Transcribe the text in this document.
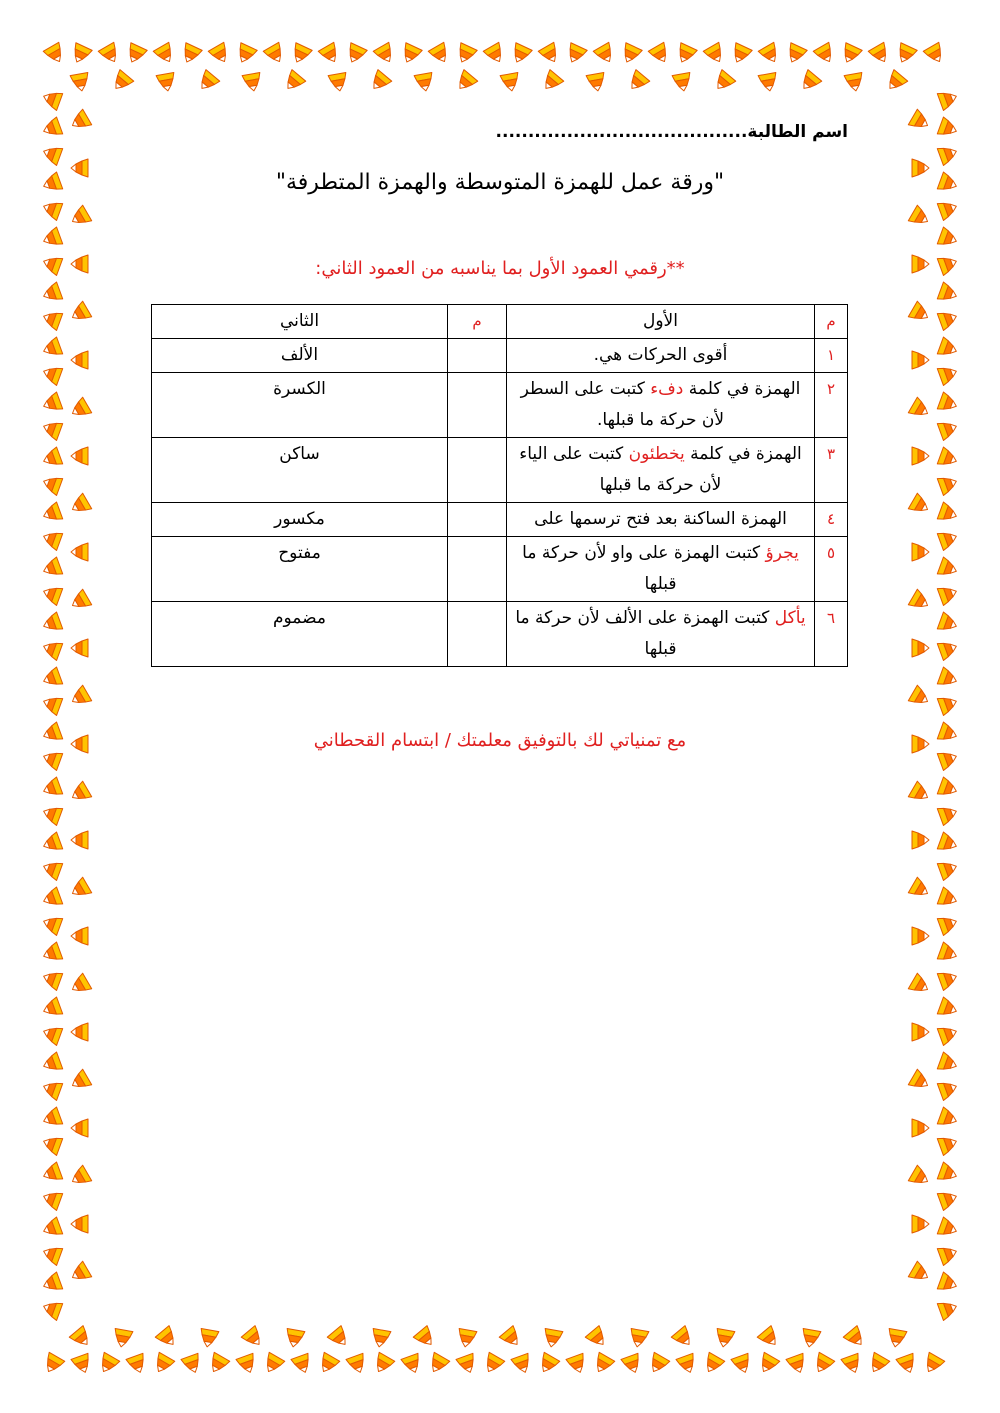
اسم الطالبة.......................................
"ورقة عمل للهمزة المتوسطة والهمزة المتطرفة"
**رقمي العمود الأول بما يناسبه من العمود الثاني:
م	الأول	م	الثاني
١	أقوى الحركات هي.		الألف
٢	الهمزة في كلمة دفء كتبت على السطر لأن حركة ما قبلها.		الكسرة
٣	الهمزة في كلمة يخطئون كتبت على الياء لأن حركة ما قبلها		ساكن
٤	الهمزة الساكنة بعد فتح ترسمها على		مكسور
٥	يجرؤ كتبت الهمزة على واو لأن حركة ما قبلها		مفتوح
٦	يأكل كتبت الهمزة على الألف لأن حركة ما قبلها		مضموم
مع تمنياتي لك بالتوفيق معلمتك / ابتسام القحطاني
